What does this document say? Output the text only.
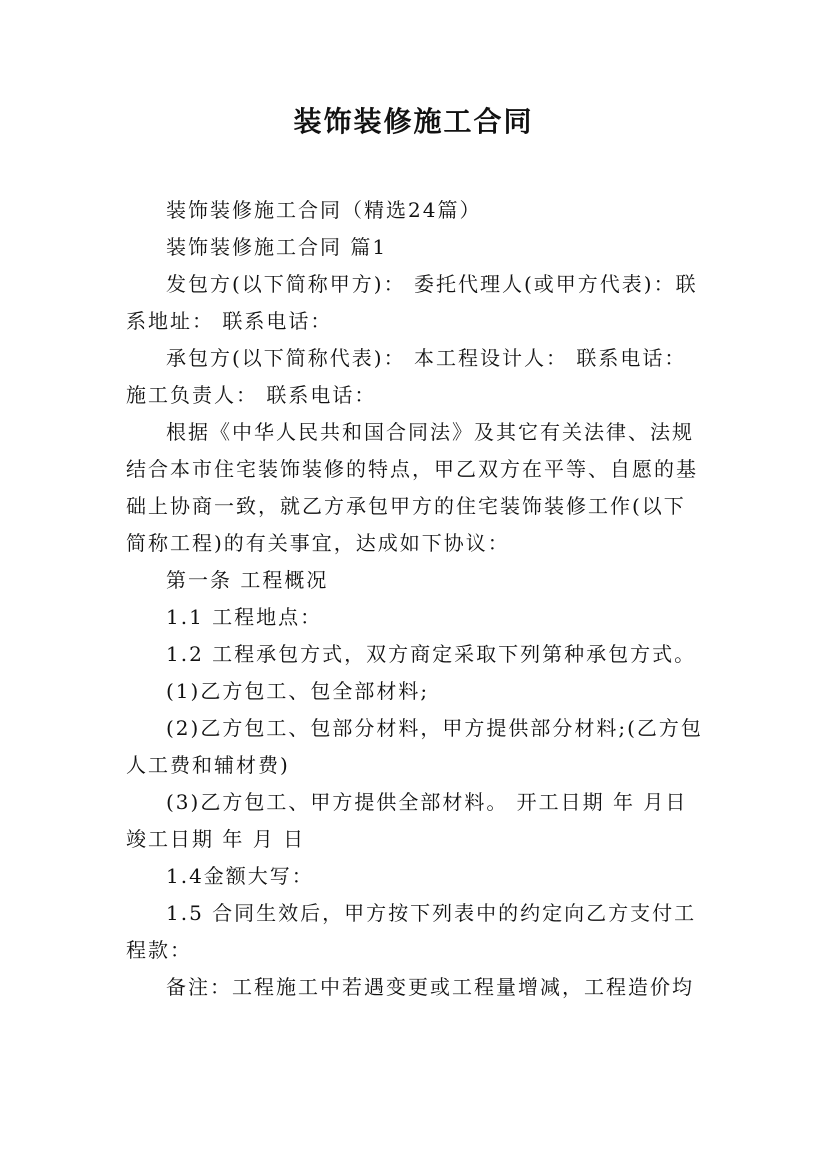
装饰装修施工合同

装饰装修施工合同（精选24篇）

装饰装修施工合同 篇1

发包方(以下简称甲方)： 委托代理人(或甲方代表)：联系地址： 联系电话：

承包方(以下简称代表)： 本工程设计人： 联系电话：施工负责人： 联系电话：

根据《中华人民共和国合同法》及其它有关法律、法规结合本市住宅装饰装修的特点，甲乙双方在平等、自愿的基础上协商一致，就乙方承包甲方的住宅装饰装修工作(以下简称工程)的有关事宜，达成如下协议：

第一条 工程概况

1.1 工程地点：

1.2 工程承包方式，双方商定采取下列第种承包方式。

(1)乙方包工、包全部材料;

(2)乙方包工、包部分材料，甲方提供部分材料;(乙方包人工费和辅材费)

(3)乙方包工、甲方提供全部材料。 开工日期 年 月日 竣工日期 年 月 日

1.4金额大写：

1.5 合同生效后，甲方按下列表中的约定向乙方支付工程款：

备注：工程施工中若遇变更或工程量增减，工程造价均
